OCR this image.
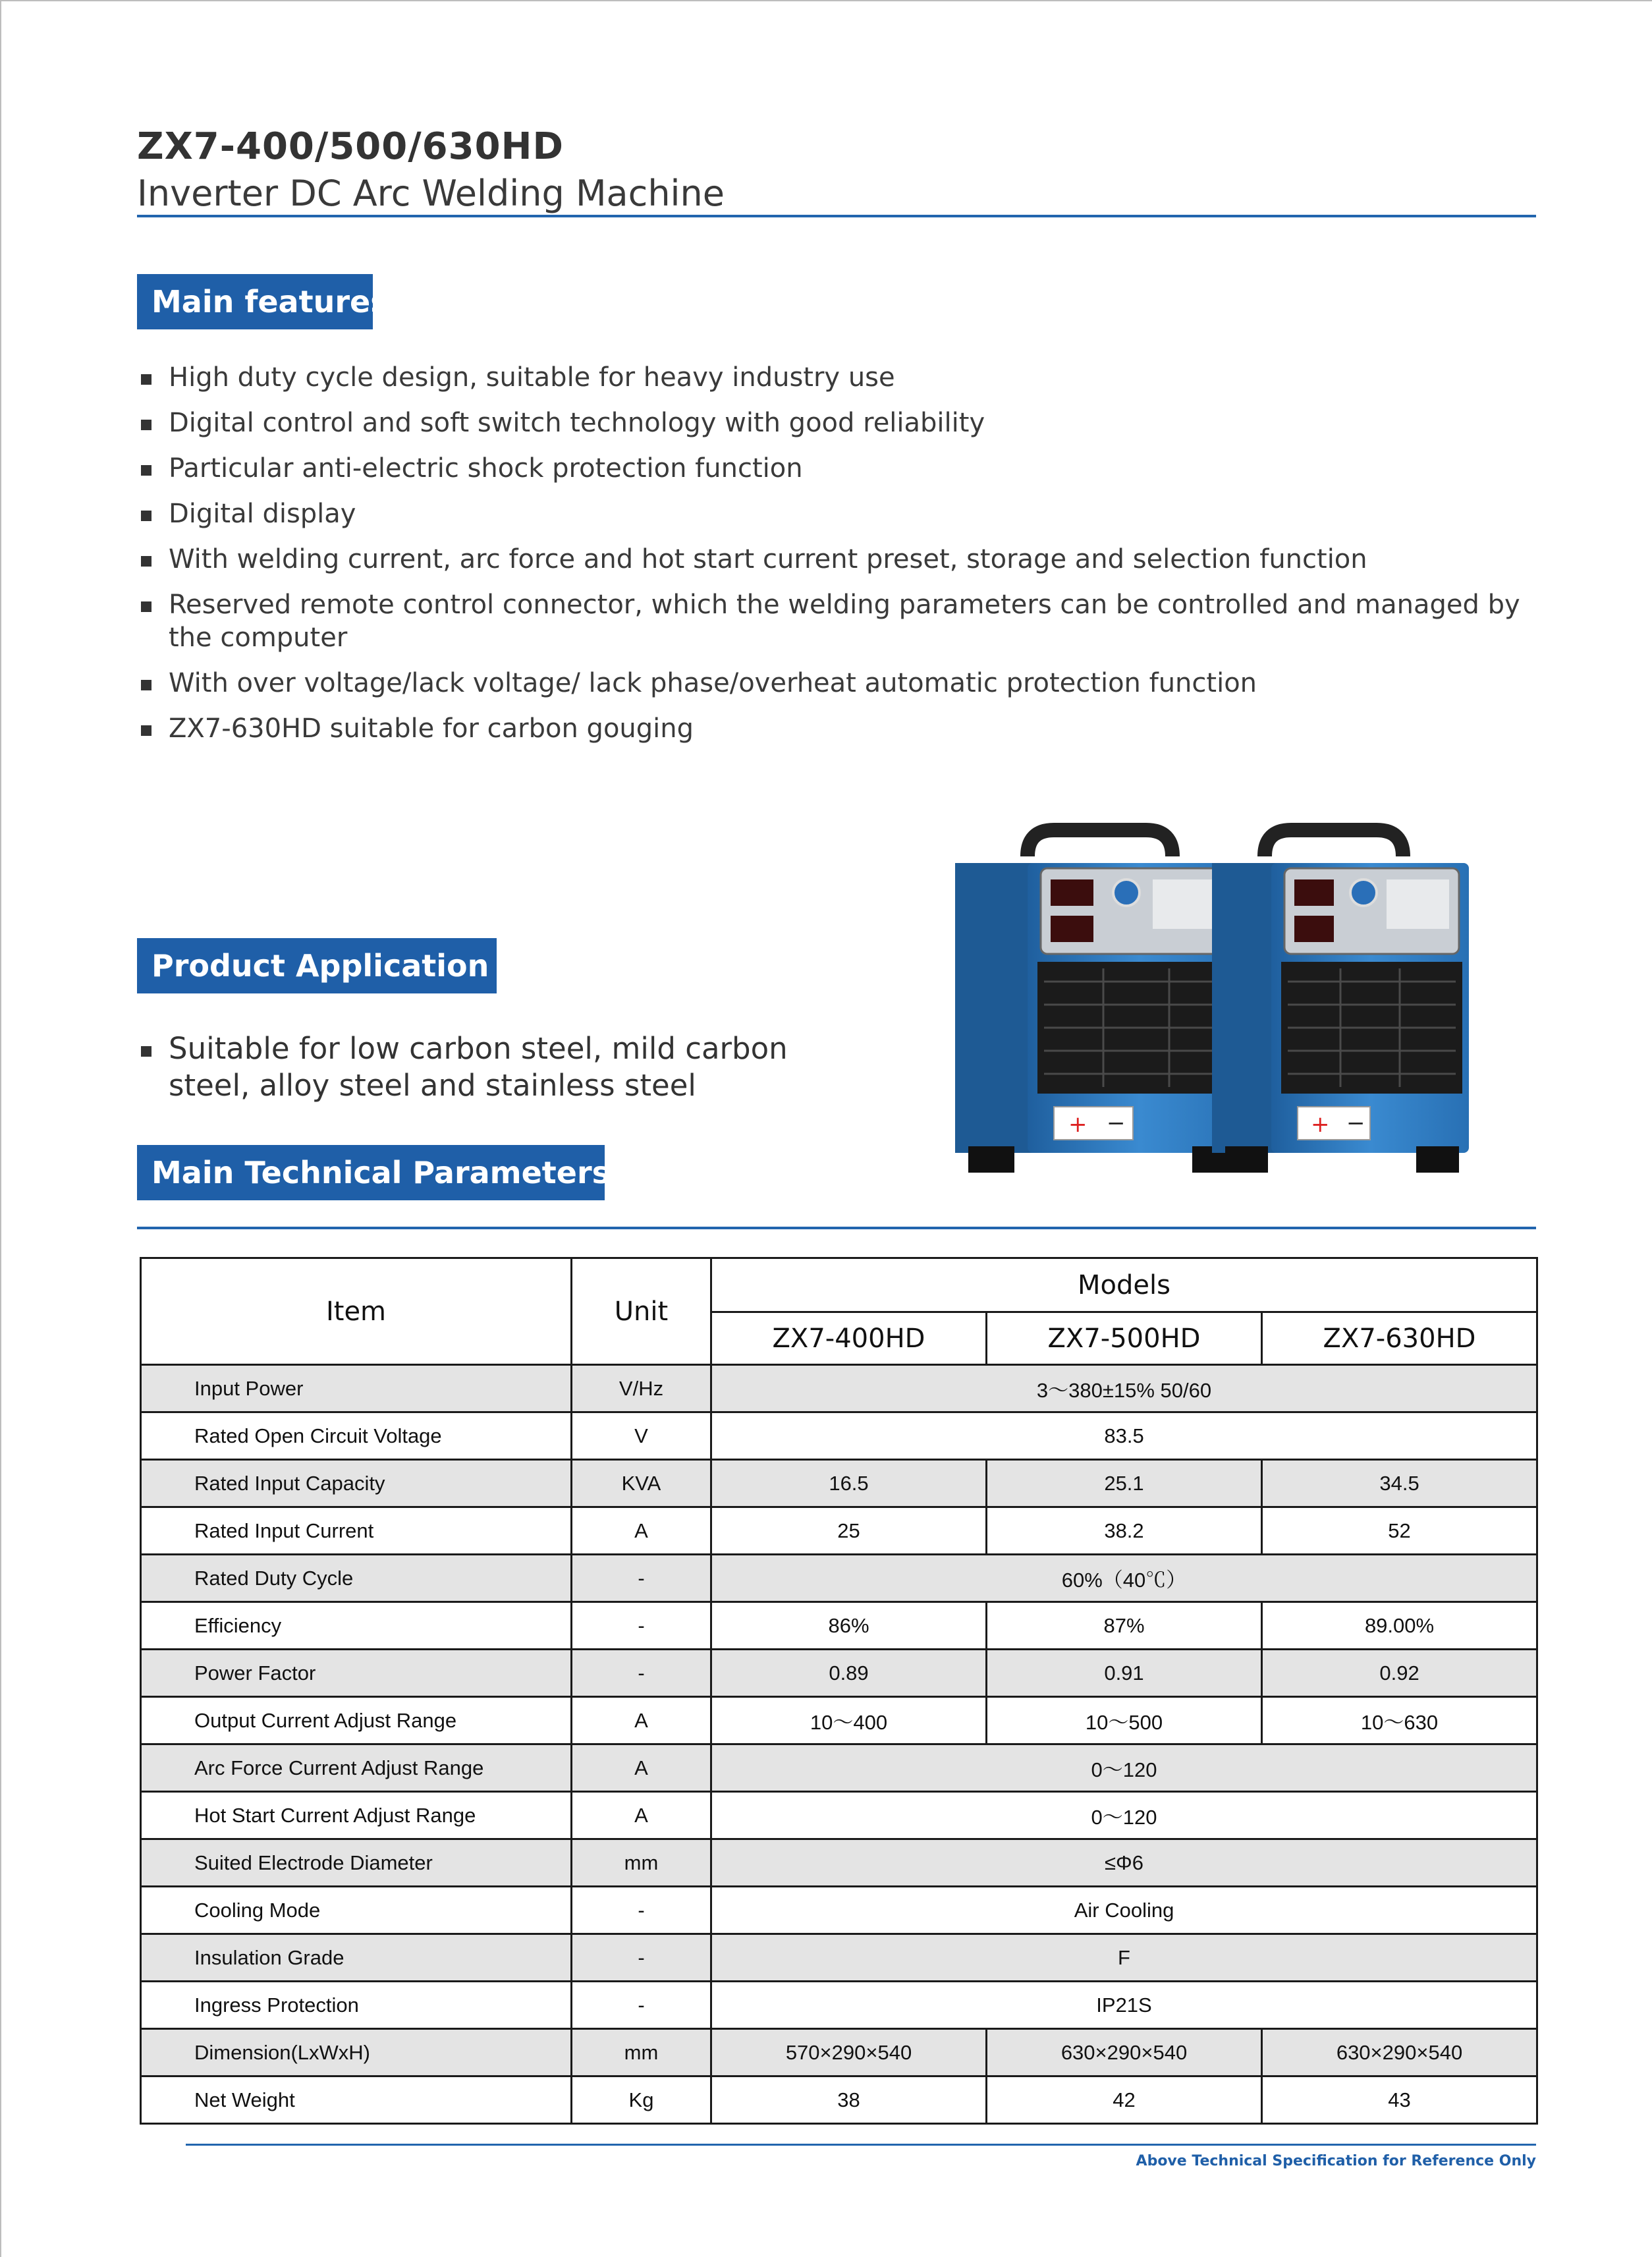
ZX7-400/500/630HD
Inverter DC Arc Welding Machine
Main features
High duty cycle design, suitable for heavy industry use
Digital control and soft switch technology with good reliability
Particular anti-electric shock protection function
Digital display
With welding current, arc force and hot start current preset, storage and selection function
Reserved remote control connector, which the welding parameters can be controlled and managed by the computer
With over voltage/lack voltage/ lack phase/overheat automatic protection function
ZX7-630HD suitable for carbon gouging
Product Application
Suitable for low carbon steel, mild carbon steel, alloy steel and stainless steel
+ −	+ −
Main Technical Parameters
Item	Unit	Models		
		ZX7-400HD	ZX7-500HD	ZX7-630HD
Input Power	V/Hz	3～380±15% 50/60		
Rated Open Circuit Voltage	V	83.5		
Rated Input Capacity	KVA	16.5	25.1	34.5
Rated Input Current	A	25	38.2	52
Rated Duty Cycle	-	60%（40℃）		
Efficiency	-	86%	87%	89.00%
Power Factor	-	0.89	0.91	0.92
Output Current Adjust Range	A	10～400	10～500	10～630
Arc Force Current Adjust Range	A	0～120		
Hot Start Current Adjust Range	A	0～120		
Suited Electrode Diameter	mm	≤Φ6		
Cooling Mode	-	Air Cooling		
Insulation Grade	-	F		
Ingress Protection	-	IP21S		
Dimension(LxWxH)	mm	570×290×540	630×290×540	630×290×540
Net Weight	Kg	38	42	43
Above Technical Specification for Reference Only
